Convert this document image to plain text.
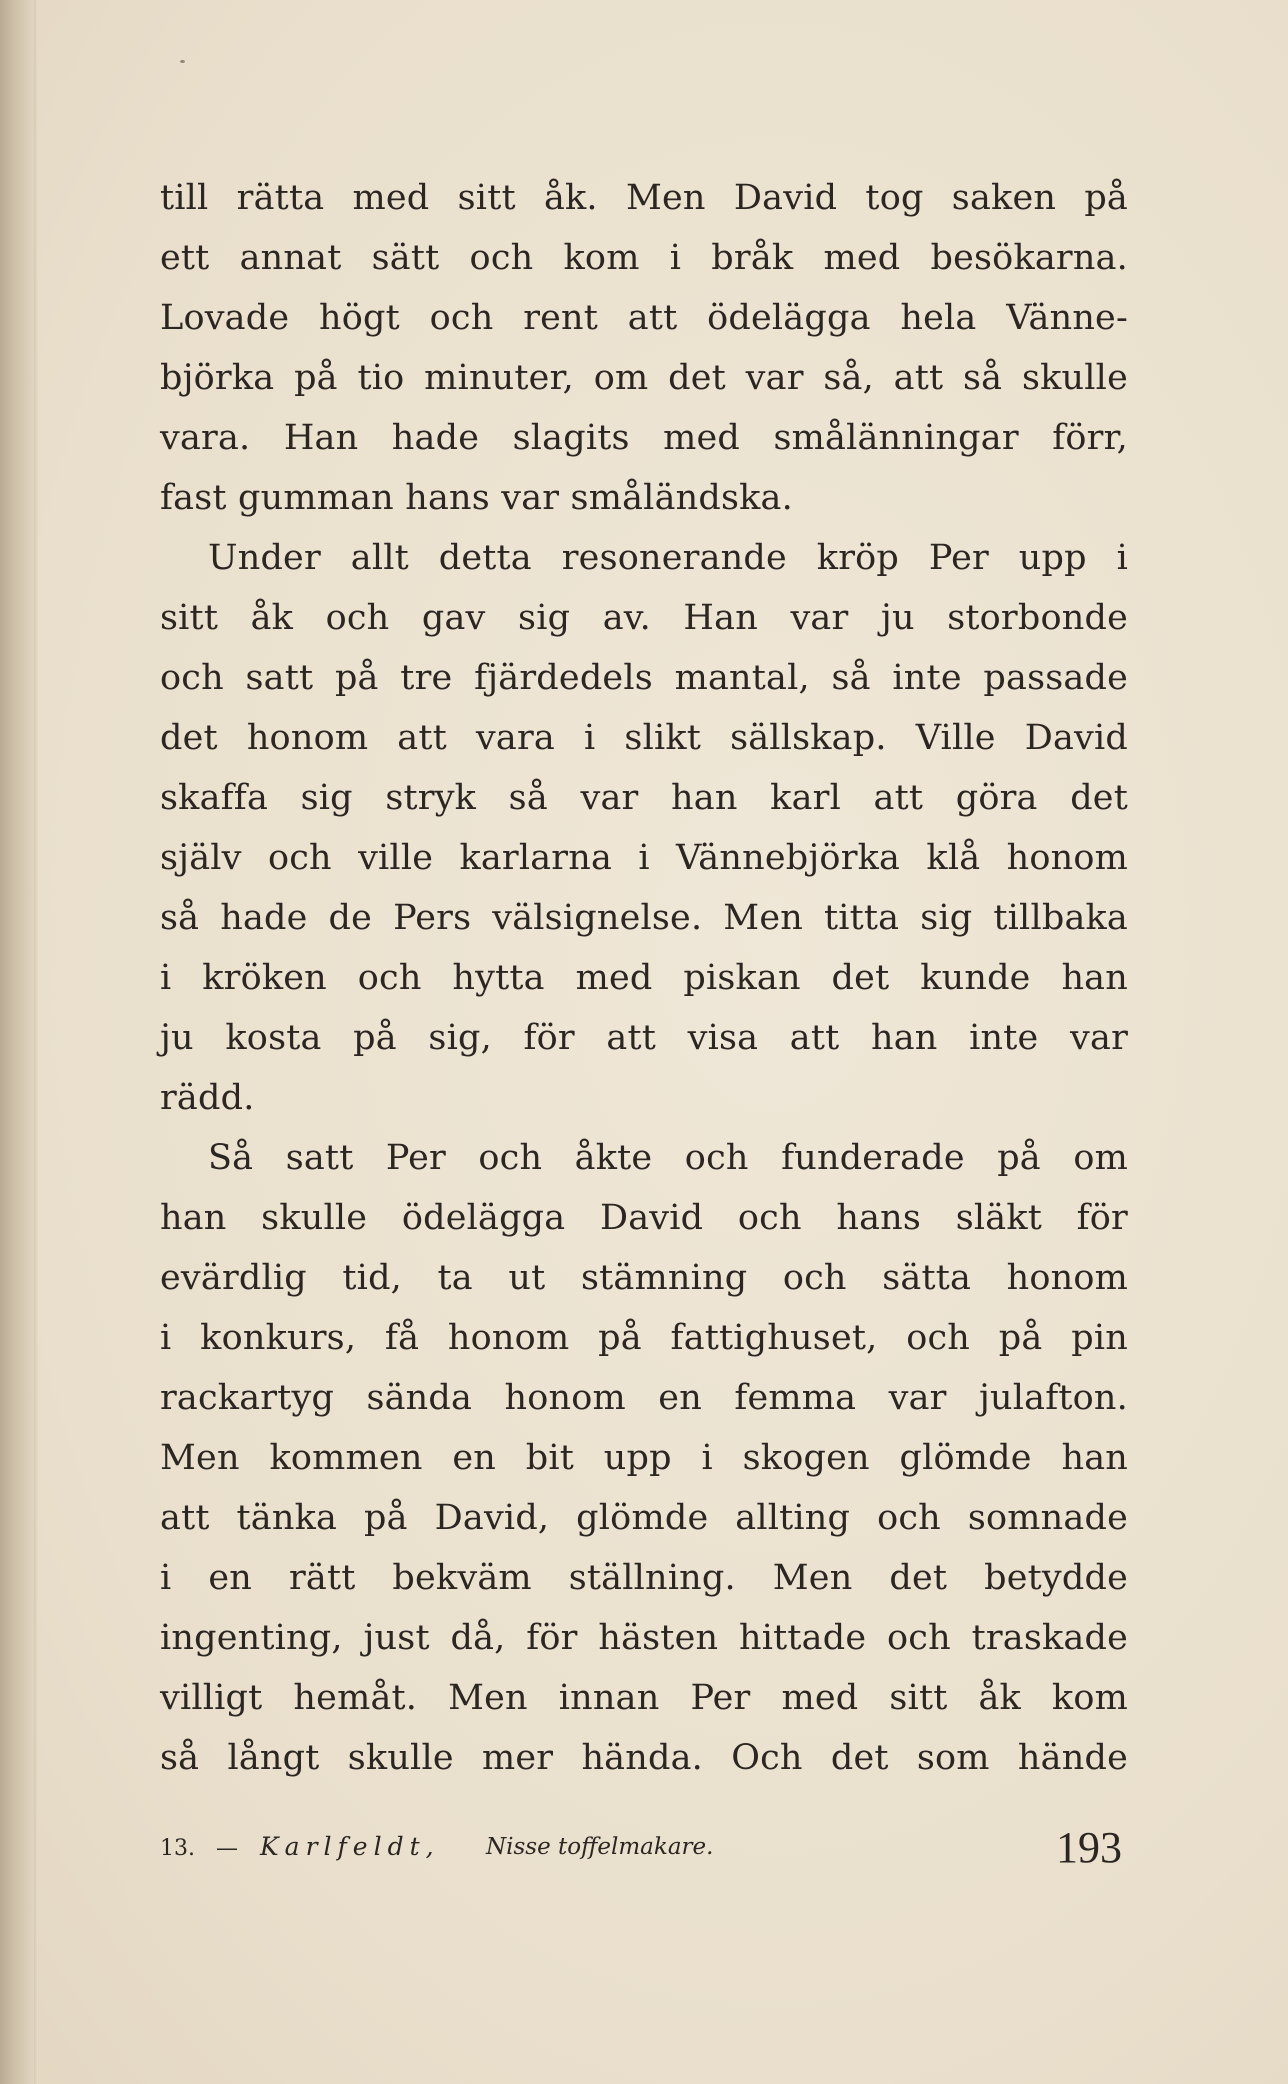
till rätta med sitt åk. Men David tog saken på
ett annat sätt och kom i bråk med besökarna.
Lovade högt och rent att ödelägga hela Vänne-
björka på tio minuter, om det var så, att så skulle
vara. Han hade slagits med smålänningar förr,
fast gumman hans var småländska.
Under allt detta resonerande kröp Per upp i
sitt åk och gav sig av. Han var ju storbonde
och satt på tre fjärdedels mantal, så inte passade
det honom att vara i slikt sällskap. Ville David
skaffa sig stryk så var han karl att göra det
själv och ville karlarna i Vännebjörka klå honom
så hade de Pers välsignelse. Men titta sig tillbaka
i kröken och hytta med piskan det kunde han
ju kosta på sig, för att visa att han inte var
rädd.
Så satt Per och åkte och funderade på om
han skulle ödelägga David och hans släkt för
evärdlig tid, ta ut stämning och sätta honom
i konkurs, få honom på fattighuset, och på pin
rackartyg sända honom en femma var julafton.
Men kommen en bit upp i skogen glömde han
att tänka på David, glömde allting och somnade
i en rätt bekväm ställning. Men det betydde
ingenting, just då, för hästen hittade och traskade
villigt hemåt. Men innan Per med sitt åk kom
så långt skulle mer hända. Och det som hände
13. — Karlfeldt, Nisse toffelmakare.	193
